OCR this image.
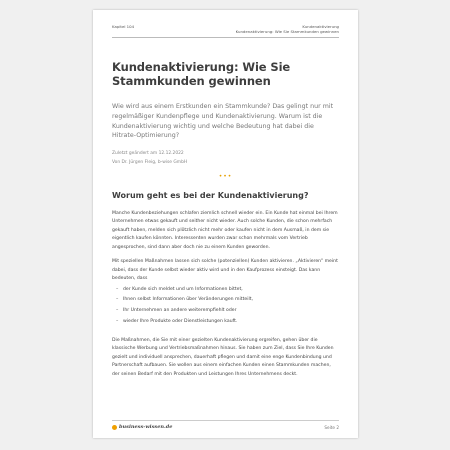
Kapitel 104	Kundenaktivierung
Kundenaktivierung: Wie Sie Stammkunden gewinnen
Kundenaktivierung: Wie Sie Stammkunden gewinnen

Wie wird aus einem Erstkunden ein Stammkunde? Das gelingt nur mit regelmäßiger Kundenpflege und Kundenaktivierung. Warum ist die Kundenaktivierung wichtig und welche Bedeutung hat dabei die Hitrate-Optimierung?

Zuletzt geändert am 12.12.2022
Von Dr. Jürgen Fleig, b-wise GmbH
•••
Worum geht es bei der Kundenaktivierung?

Manche Kundenbeziehungen schlafen ziemlich schnell wieder ein. Ein Kunde hat einmal bei Ihrem Unternehmen etwas gekauft und seither nicht wieder. Auch solche Kunden, die schon mehrfach gekauft haben, melden sich plötzlich nicht mehr oder kaufen nicht in dem Ausmaß, in dem sie eigentlich kaufen könnten. Interessenten wurden zwar schon mehrmals vom Vertrieb angesprochen, sind dann aber doch nie zu einem Kunden geworden.

Mit speziellen Maßnahmen lassen sich solche (potenziellen) Kunden aktivieren. „Aktivieren“ meint dabei, dass der Kunde selbst wieder aktiv wird und in den Kaufprozess einsteigt. Das kann bedeuten, dass

– der Kunde sich meldet und um Informationen bittet,
– Ihnen selbst Informationen über Veränderungen mitteilt,
– Ihr Unternehmen an andere weiterempfiehlt oder
– wieder Ihre Produkte oder Dienstleistungen kauft.

Die Maßnahmen, die Sie mit einer gezielten Kundenaktivierung ergreifen, gehen über die klassische Werbung und Vertriebsmaßnahmen hinaus. Sie haben zum Ziel, dass Sie Ihre Kunden gezielt und individuell ansprechen, dauerhaft pflegen und damit eine enge Kundenbindung und Partnerschaft aufbauen. Sie wollen aus einem einfachen Kunden einen Stammkunden machen, der seinen Bedarf mit den Produkten und Leistungen Ihres Unternehmens deckt.

business-wissen.de	Seite 2
